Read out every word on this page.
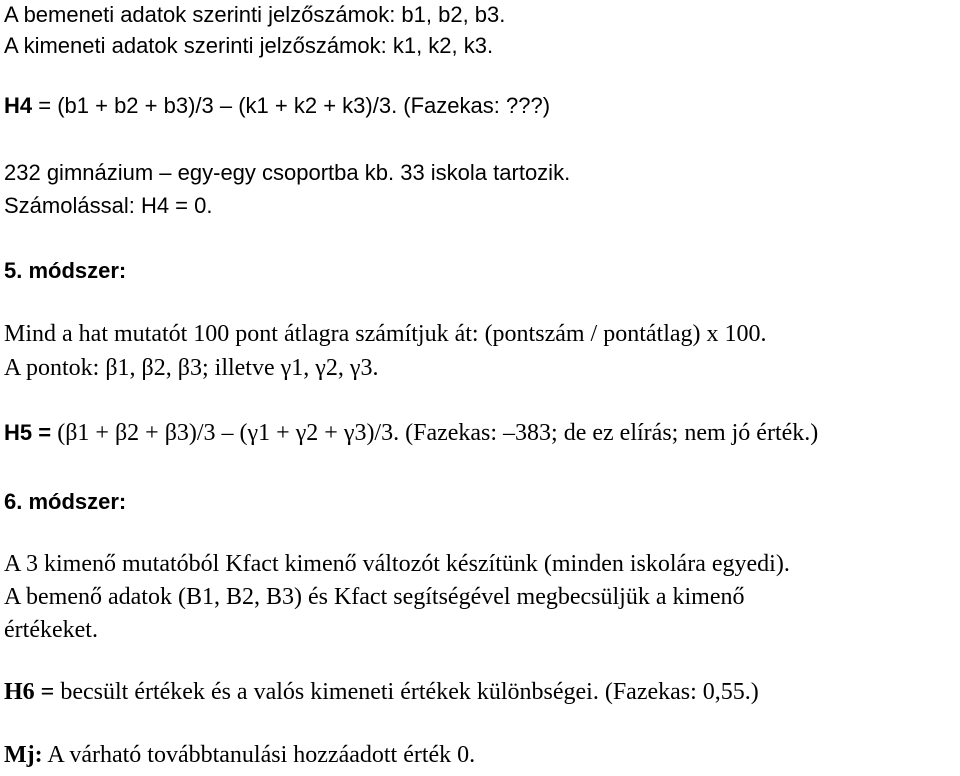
A bemeneti adatok szerinti jelzőszámok: b1, b2, b3.
A kimeneti adatok szerinti jelzőszámok: k1, k2, k3.
H4 = (b1 + b2 + b3)/3 – (k1 + k2 + k3)/3. (Fazekas: ???)
232 gimnázium – egy-egy csoportba kb. 33 iskola tartozik.
Számolással: H4 = 0.
5. módszer:
Mind a hat mutatót 100 pont átlagra számítjuk át: (pontszám / pontátlag) x 100.
A pontok: β1, β2, β3; illetve γ1, γ2, γ3.
H5 = (β1 + β2 + β3)/3 – (γ1 + γ2 + γ3)/3. (Fazekas: –383; de ez elírás; nem jó érték.)
6. módszer:
A 3 kimenő mutatóból Kfact kimenő változót készítünk (minden iskolára egyedi).
A bemenő adatok (B1, B2, B3) és Kfact segítségével megbecsüljük a kimenő
értékeket.
H6 = becsült értékek és a valós kimeneti értékek különbségei. (Fazekas: 0,55.)
Mj: A várható továbbtanulási hozzáadott érték 0.
